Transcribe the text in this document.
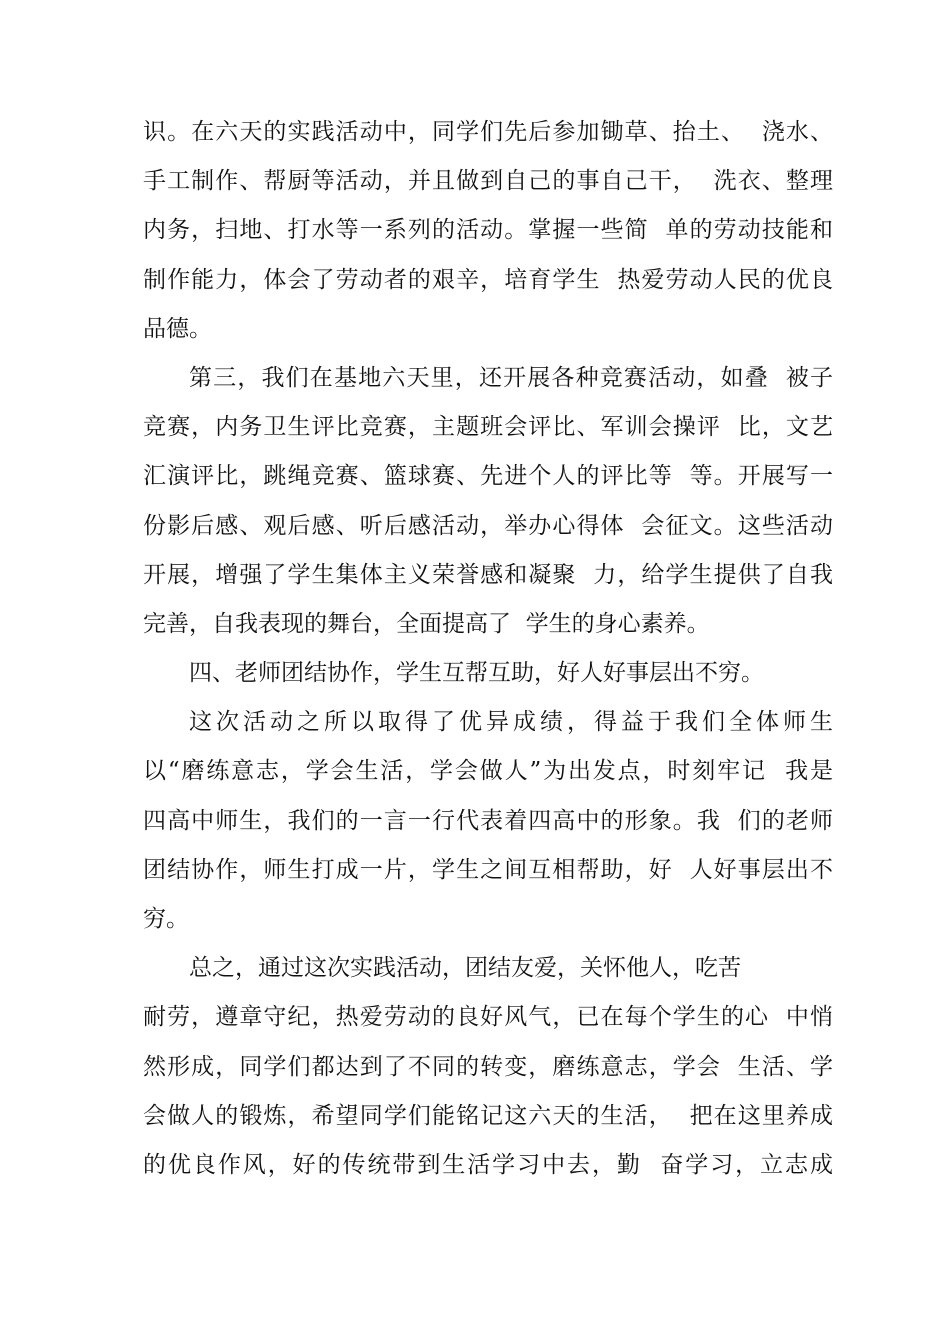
识。在六天的实践活动中，同学们先后参加锄草、抬土、  浇水、
手工制作、帮厨等活动，并且做到自己的事自己干，  洗衣、整理
内务，扫地、打水等一系列的活动。掌握一些简  单的劳动技能和
制作能力，体会了劳动者的艰辛，培育学生  热爱劳动人民的优良
品德。
第三，我们在基地六天里，还开展各种竞赛活动，如叠  被子
竞赛，内务卫生评比竞赛，主题班会评比、军训会操评  比，文艺
汇演评比，跳绳竞赛、篮球赛、先进个人的评比等  等。开展写一
份影后感、观后感、听后感活动，举办心得体  会征文。这些活动
开展，增强了学生集体主义荣誉感和凝聚  力，给学生提供了自我
完善，自我表现的舞台，全面提高了  学生的身心素养。
四、老师团结协作，学生互帮互助，好人好事层出不穷。
这次活动之所以取得了优异成绩，得益于我们全体师生
以“磨练意志，学会生活，学会做人”为出发点，时刻牢记  我是
四高中师生，我们的一言一行代表着四高中的形象。我  们的老师
团结协作，师生打成一片，学生之间互相帮助，好  人好事层出不
穷。
总之，通过这次实践活动，团结友爱，关怀他人，吃苦
耐劳，遵章守纪，热爱劳动的良好风气，已在每个学生的心  中悄
然形成，同学们都达到了不同的转变，磨练意志，学会  生活、学
会做人的锻炼，希望同学们能铭记这六天的生活，  把在这里养成
的优良作风，好的传统带到生活学习中去，勤  奋学习，立志成
